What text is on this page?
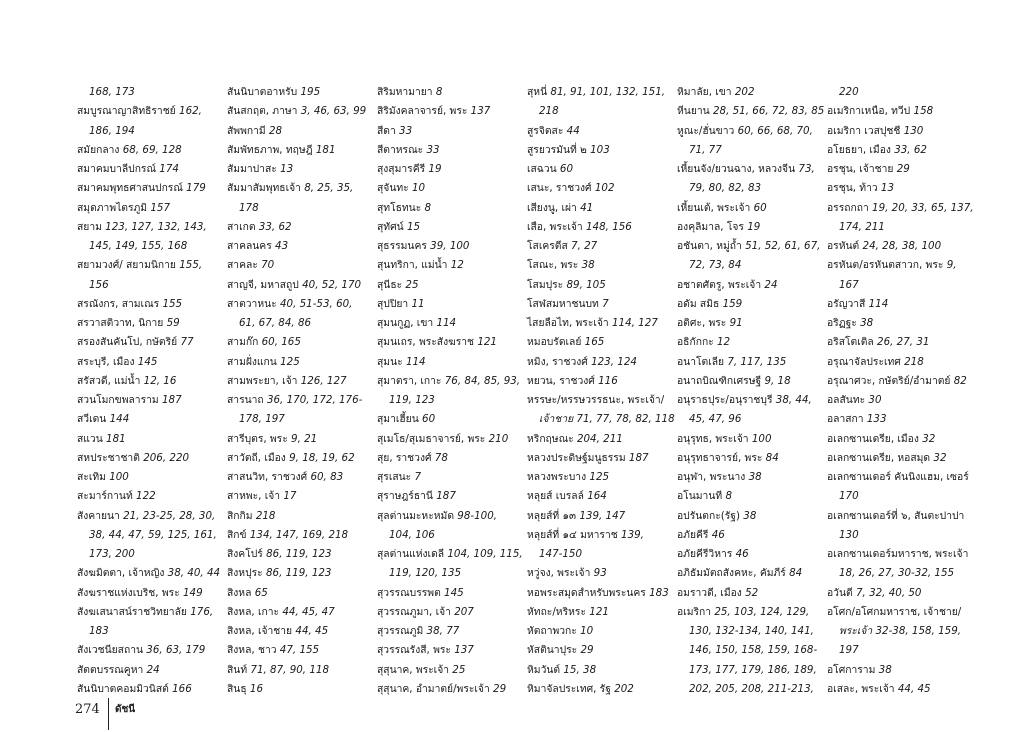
168, 173
สมบูรณาญาสิทธิราชย์ 162,
186, 194
สมัยกลาง 68, 69, 128
สมาคมบาลีปกรณ์ 174
สมาคมพุทธศาสนปกรณ์ 179
สมุดภาพไตรภูมิ 157
สยาม 123, 127, 132, 143,
145, 149, 155, 168
สยามวงศ์/ สยามนิกาย 155,
156
สรณังกร, สามเณร 155
สรวาสติวาท, นิกาย 59
สรองสันคันโป, กษัตริย์ 77
สระบุรี, เมือง 145
สรัสวดี, แม่น้ำ 12, 16
สวนโมกขพลาราม 187
สวีเดน 144
สแวน 181
สหประชาชาติ 206, 220
สะเทิม 100
สะมาร์กานท์ 122
สังคายนา 21, 23-25, 28, 30,
38, 44, 47, 59, 125, 161,
173, 200
สังฆมิตตา, เจ้าหญิง 38, 40, 44
สังฆราชแห่งเบริช, พระ 149
สังฆเสนาสน์ราชวิทยาลัย 176,
183
สังเวชนียสถาน 36, 63, 179
สัตตบรรณคูหา 24
สันนิบาตคอมมิวนิสต์ 166
สันนิบาตอาหรับ 195
สันสกฤต, ภาษา 3, 46, 63, 99
สัพพกามี 28
สัมพัทธภาพ, ทฤษฎี 181
สัมมาปาสะ 13
สัมมาสัมพุทธเจ้า 8, 25, 35,
178
สาเกต 33, 62
สาคลนคร 43
สาคละ 70
สาญจี, มหาสถูป 40, 52, 170
สาตวาหนะ 40, 51-53, 60,
61, 67, 84, 86
สามก๊ก 60, 165
สามฝั่งแกน 125
สามพระยา, เจ้า 126, 127
สารนาถ 36, 170, 172, 176-
178, 197
สารีบุตร, พระ 9, 21
สาวัตถี, เมือง 9, 18, 19, 62
สาสนวิท, ราชวงศ์ 60, 83
สาหพะ, เจ้า 17
สิกกิม 218
สิกข์ 134, 147, 169, 218
สิงคโปร์ 86, 119, 123
สิงหปุระ 86, 119, 123
สิงหล 65
สิงหล, เกาะ 44, 45, 47
สิงหล, เจ้าชาย 44, 45
สิงหล, ชาว 47, 155
สินท์ 71, 87, 90, 118
สินธุ 16
สิริมหามายา 8
สิริมังคลาจารย์, พระ 137
สีดา 33
สีตาหรณะ 33
สุงสุมารคีรี 19
สุจันทะ 10
สุทโธทนะ 8
สุทัศน์ 15
สุธรรมนคร 39, 100
สุนทริกา, แม่น้ำ 12
สุนีธะ 25
สุปปิยา 11
สุมนกูฏ, เขา 114
สุมนเถร, พระสังฆราช 121
สุมนะ 114
สุมาตรา, เกาะ 76, 84, 85, 93,
119, 123
สุมาเฮี้ยน 60
สุเมโธ/สุเมธาจารย์, พระ 210
สุย, ราชวงศ์ 78
สุรเสนะ 7
สุราษฎร์ธานี 187
สุลต่านมะหะหมัด 98-100,
104, 106
สุลต่านแห่งเดลี 104, 109, 115,
119, 120, 135
สุวรรณบรรพต 145
สุวรรณภูมา, เจ้า 207
สุวรรณภูมิ 38, 77
สุวรรณรังสี, พระ 137
สุสุนาค, พระเจ้า 25
สุสุนาค, อำมาตย์/พระเจ้า 29
สุหนี่ 81, 91, 101, 132, 151,
218
สูรจิตสะ 44
สูรยวรมันที่ ๒ 103
เสฉวน 60
เสนะ, ราชวงศ์ 102
เสียงนู, เผ่า 41
เสือ, พระเจ้า 148, 156
โสเครตีส 7, 27
โสณะ, พระ 38
โสมปุระ 89, 105
โสฬสมหาชนบท 7
ไสยลือไท, พระเจ้า 114, 127
หมอบรัดเลย์ 165
หมิง, ราชวงศ์ 123, 124
หยวน, ราชวงศ์ 116
หรรษะ/หรรษวรรธนะ, พระเจ้า/
เจ้าชาย 71, 77, 78, 82, 118
หริกฤษณะ 204, 211
หลวงประดิษฐ์มนูธรรม 187
หลวงพระบาง 125
หลุยส์ เบรลล์ 164
หลุยส์ที่ ๑๓ 139, 147
หลุยส์ที่ ๑๔ มหาราช 139,
147-150
หวู่จง, พระเจ้า 93
หอพระสมุดสำหรับพระนคร 183
หัทถะ/หริหระ 121
หัตถาพวกะ 10
หัสตินาปุระ 29
หิมวันต์ 15, 38
หิมาจัลประเทศ, รัฐ 202
หิมาลัย, เขา 202
หีนยาน 28, 51, 66, 72, 83, 85
หูณะ/ฮั่นขาว 60, 66, 68, 70,
71, 77
เหี้ยนจัง/ยวนฉาง, หลวงจีน 73,
79, 80, 82, 83
เหี้ยนเต้, พระเจ้า 60
องคุลิมาล, โจร 19
อชันตา, หมู่ถ้ำ 51, 52, 61, 67,
72, 73, 84
อชาตศัตรู, พระเจ้า 24
อดัม สมิธ 159
อติศะ, พระ 91
อธิกักกะ 12
อนาโตเลีย 7, 117, 135
อนาถบิณฑิกเศรษฐี 9, 18
อนุราธปุระ/อนุราชบุรี 38, 44,
45, 47, 96
อนุรุทธ, พระเจ้า 100
อนุรุทธาจารย์, พระ 84
อนุฬา, พระนาง 38
อโนมานที 8
อปรันตกะ(รัฐ) 38
อภัยคีรี 46
อภัยคีรีวิหาร 46
อภิธัมมัตถสังคหะ, คัมภีร์ 84
อมราวดี, เมือง 52
อเมริกา 25, 103, 124, 129,
130, 132-134, 140, 141,
146, 150, 158, 159, 168-
173, 177, 179, 186, 189,
202, 205, 208, 211-213,
220
อเมริกาเหนือ, ทวีป 158
อเมริกา เวสปุชชี 130
อโยธยา, เมือง 33, 62
อรชุน, เจ้าชาย 29
อรชุน, ท้าว 13
อรรถกถา 19, 20, 33, 65, 137,
174, 211
อรหันต์ 24, 28, 38, 100
อรหันต/อรหันตสาวก, พระ 9,
167
อรัญวาสี 114
อริฏฐะ 38
อริสโตเติล 26, 27, 31
อรุณาจัลประเทศ 218
อรุณาศวะ, กษัตริย์/อำมาตย์ 82
อลสันทะ 30
อลาสกา 133
อเลกซานเดรีย, เมือง 32
อเลกซานเดรีย, หอสมุด 32
อเลกซานเดอร์ คันนิงแฮม, เซอร์
170
อเลกซานเดอร์ที่ ๖, สันตะปาปา
130
อเลกซานเดอร์มหาราช, พระเจ้า
18, 26, 27, 30-32, 155
อวันตี 7, 32, 40, 50
อโศก/อโศกมหาราช, เจ้าชาย/
พระเจ้า 32-38, 158, 159,
197
อโศการาม 38
อเสละ, พระเจ้า 44, 45
274 ดัชนี
